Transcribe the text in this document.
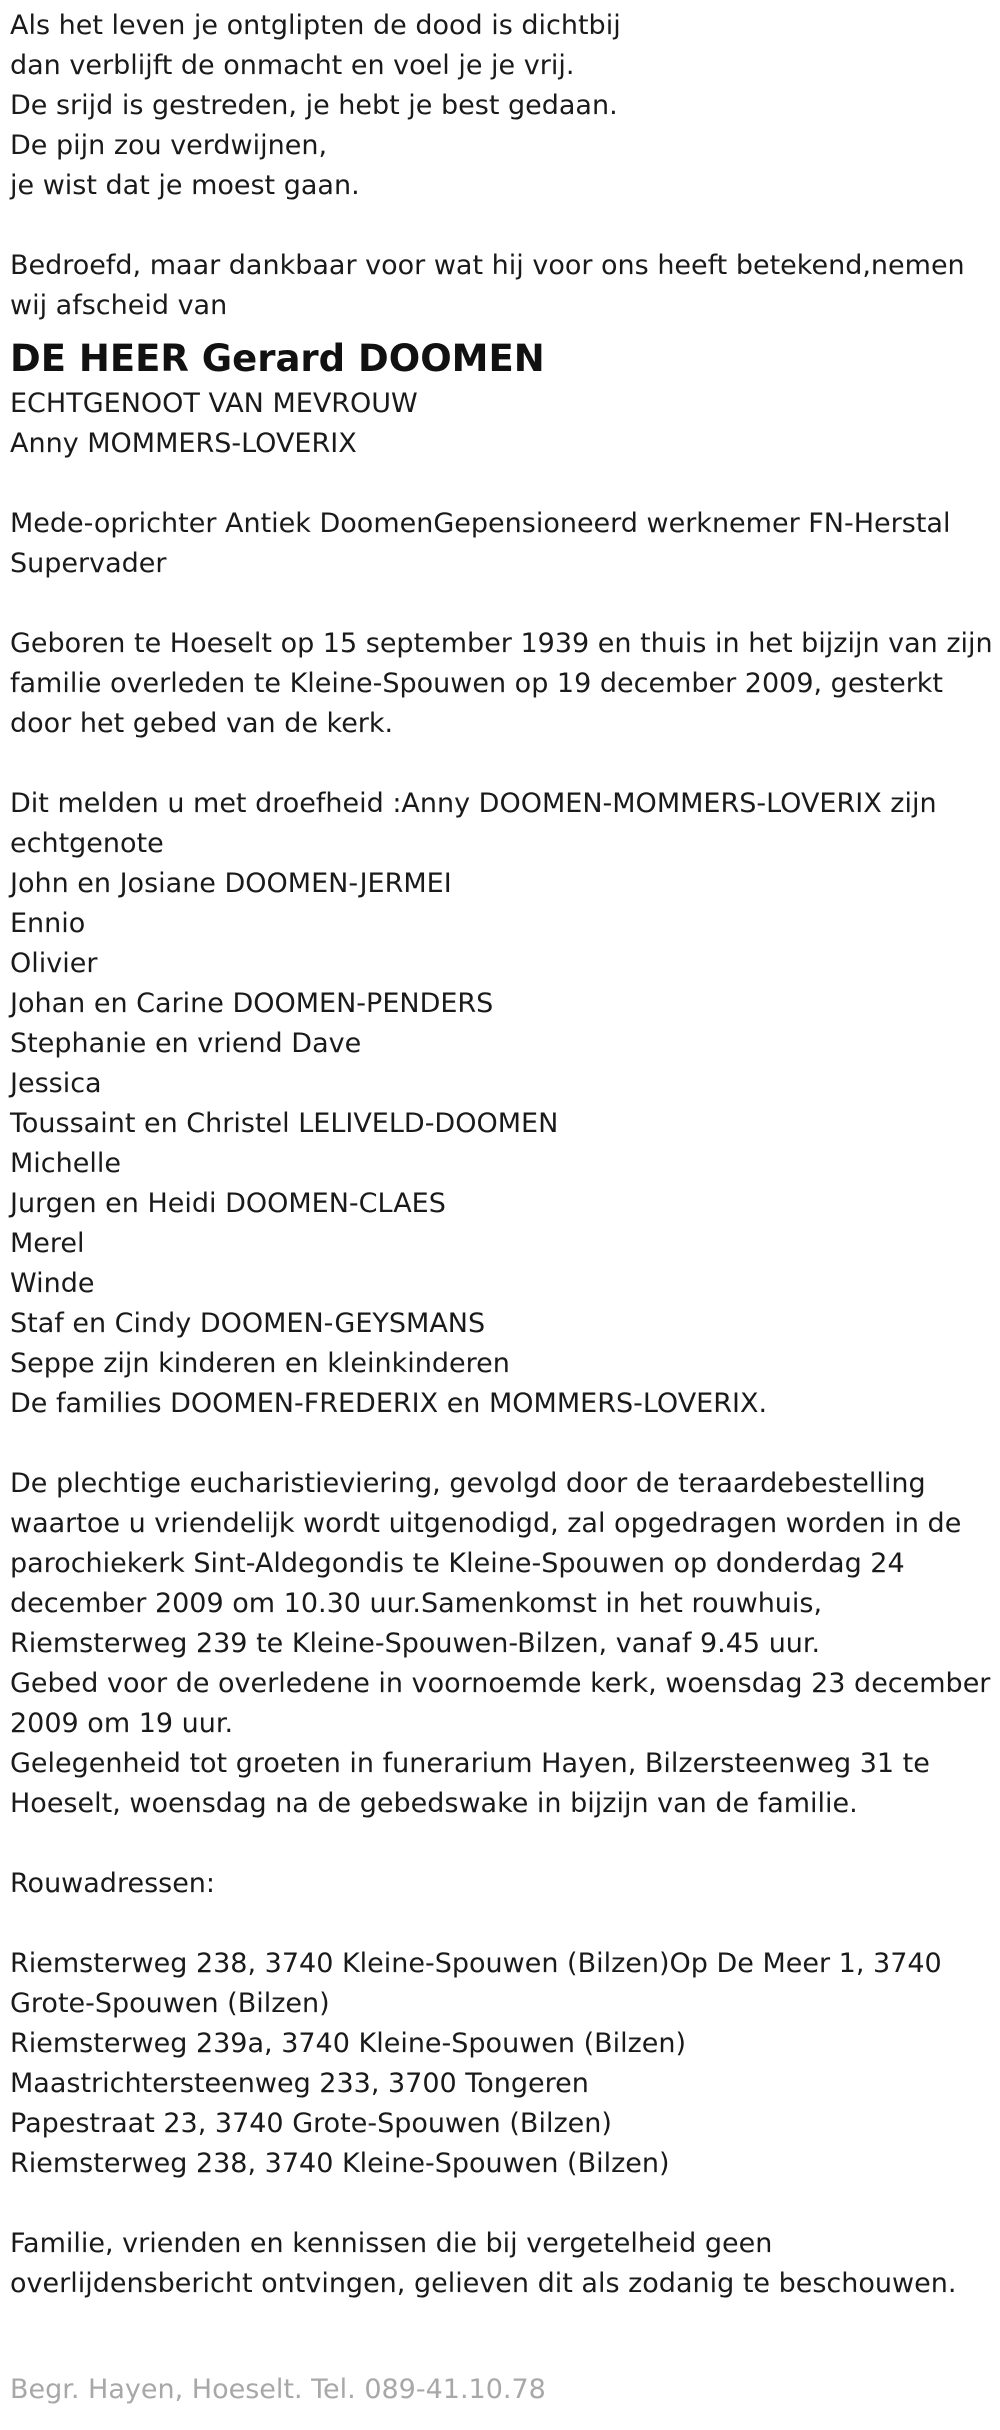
Als het leven je ontglipten de dood is dichtbij
dan verblijft de onmacht en voel je je vrij.
De srijd is gestreden, je hebt je best gedaan.
De pijn zou verdwijnen,
je wist dat je moest gaan.
Bedroefd, maar dankbaar voor wat hij voor ons heeft betekend,nemen
wij afscheid van
DE HEER Gerard DOOMEN
ECHTGENOOT VAN MEVROUW
Anny MOMMERS-LOVERIX
Mede-oprichter Antiek DoomenGepensioneerd werknemer FN-Herstal
Supervader
Geboren te Hoeselt op 15 september 1939 en thuis in het bijzijn van zijn
familie overleden te Kleine-Spouwen op 19 december 2009, gesterkt
door het gebed van de kerk.
Dit melden u met droefheid :Anny DOOMEN-MOMMERS-LOVERIX zijn
echtgenote
John en Josiane DOOMEN-JERMEI
Ennio
Olivier
Johan en Carine DOOMEN-PENDERS
Stephanie en vriend Dave
Jessica
Toussaint en Christel LELIVELD-DOOMEN
Michelle
Jurgen en Heidi DOOMEN-CLAES
Merel
Winde
Staf en Cindy DOOMEN-GEYSMANS
Seppe zijn kinderen en kleinkinderen
De families DOOMEN-FREDERIX en MOMMERS-LOVERIX.
De plechtige eucharistieviering, gevolgd door de teraardebestelling
waartoe u vriendelijk wordt uitgenodigd, zal opgedragen worden in de
parochiekerk Sint-Aldegondis te Kleine-Spouwen op donderdag 24
december 2009 om 10.30 uur.Samenkomst in het rouwhuis,
Riemsterweg 239 te Kleine-Spouwen-Bilzen, vanaf 9.45 uur.
Gebed voor de overledene in voornoemde kerk, woensdag 23 december
2009 om 19 uur.
Gelegenheid tot groeten in funerarium Hayen, Bilzersteenweg 31 te
Hoeselt, woensdag na de gebedswake in bijzijn van de familie.
Rouwadressen:
Riemsterweg 238, 3740 Kleine-Spouwen (Bilzen)Op De Meer 1, 3740
Grote-Spouwen (Bilzen)
Riemsterweg 239a, 3740 Kleine-Spouwen (Bilzen)
Maastrichtersteenweg 233, 3700 Tongeren
Papestraat 23, 3740 Grote-Spouwen (Bilzen)
Riemsterweg 238, 3740 Kleine-Spouwen (Bilzen)
Familie, vrienden en kennissen die bij vergetelheid geen
overlijdensbericht ontvingen, gelieven dit als zodanig te beschouwen.
Begr. Hayen, Hoeselt. Tel. 089-41.10.78
